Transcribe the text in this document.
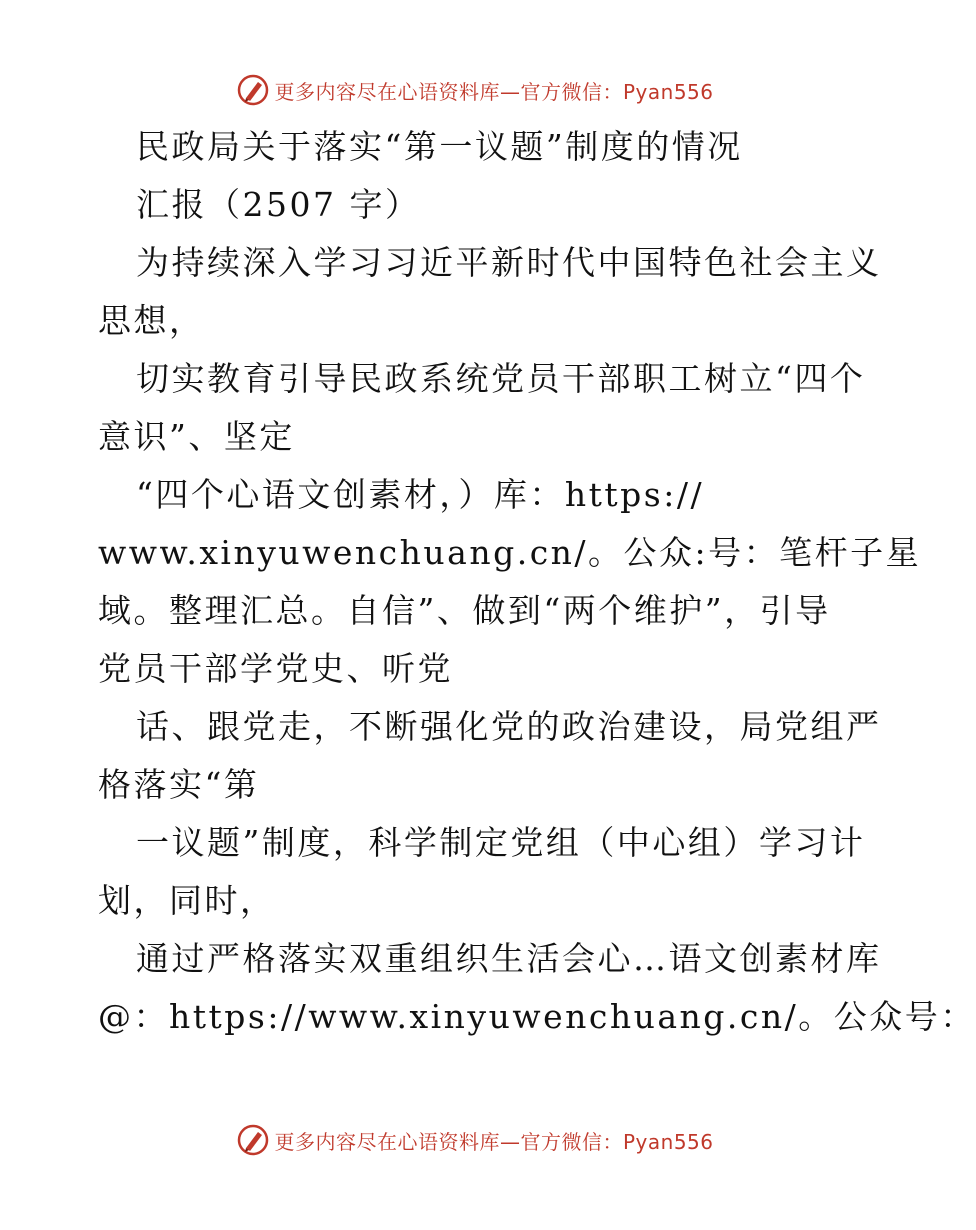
更多内容尽在心语资料库—官方微信：Pyan556
民政局关于落实“第一议题”制度的情况
汇报（2507 字）
为持续深入学习习近平新时代中国特色社会主义
思想，
切实教育引导民政系统党员干部职工树立“四个
意识”、坚定
“四个心语文创素材，）库：https://
www.xinyuwenchuang.cn/。公众:号：笔杆子星
域。整理汇总。自信”、做到“两个维护”，引导
党员干部学党史、听党
话、跟党走，不断强化党的政治建设，局党组严
格落实“第
一议题”制度，科学制定党组（中心组）学习计
划，同时，
通过严格落实双重组织生活会心…语文创素材库
@：https://www.xinyuwenchuang.cn/。公众号：
更多内容尽在心语资料库—官方微信：Pyan556
